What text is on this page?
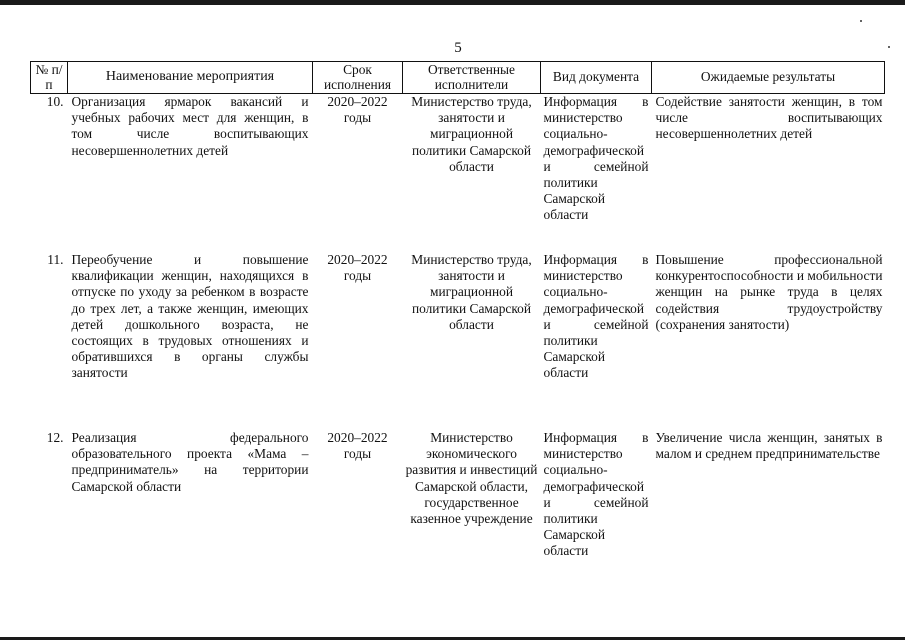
5
№ п/п	Наименование мероприятия	Срок исполнения	Ответственные исполнители	Вид документа	Ожидаемые результаты
10.	Организация ярмарок вакансий и учебных рабочих мест для женщин, в том числе воспитывающих несовершеннолетних детей	2020–2022 годы	Министерство труда, занятости и миграционной политики Самарской области	Информация в министерство социально-демографической и семейной политики Самарской области	Содействие занятости женщин, в том числе воспитывающих несовершеннолетних детей
11.	Переобучение и повышение квалификации женщин, находящихся в отпуске по уходу за ребенком в возрасте до трех лет, а также женщин, имеющих детей дошкольного возраста, не состоящих в трудовых отношениях и обратившихся в органы службы занятости	2020–2022 годы	Министерство труда, занятости и миграционной политики Самарской области	Информация в министерство социально-демографической и семейной политики Самарской области	Повышение профессиональной конкурентоспособности и мобильности женщин на рынке труда в целях содействия трудоустройству (сохранения занятости)
12.	Реализация федерального образовательного проекта «Мама – предприниматель» на территории Самарской области	2020–2022 годы	Министерство экономического развития и инвестиций Самарской области, государственное казенное учреждение	Информация в министерство социально-демографической и семейной политики Самарской области	Увеличение числа женщин, занятых в малом и среднем предпринимательстве
